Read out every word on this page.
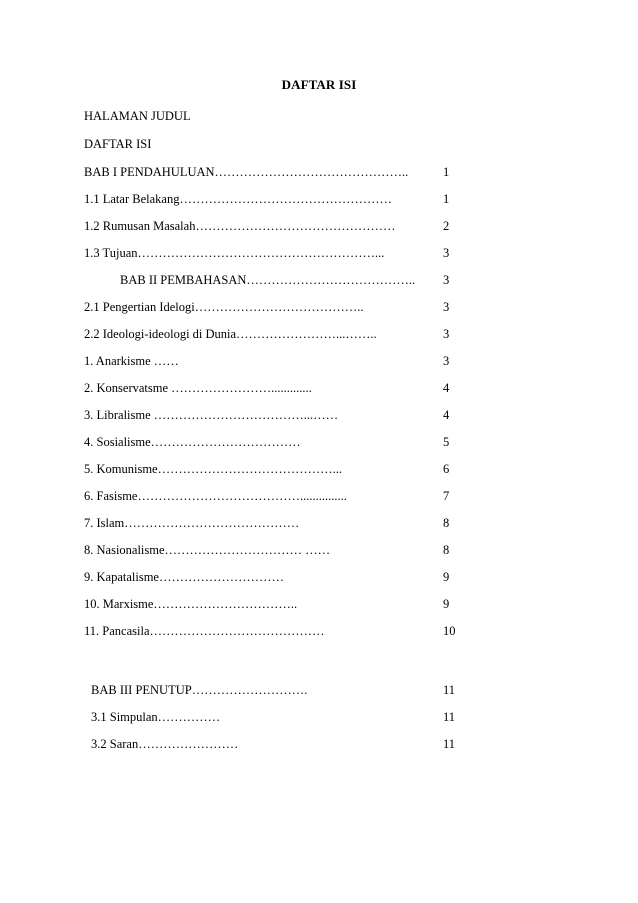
DAFTAR ISI
HALAMAN JUDUL
DAFTAR ISI
BAB I PENDAHULUAN………………………………………..	1
1.1 Latar Belakang……………………………………………	1
1.2 Rumusan Masalah…………………………………………	2
1.3 Tujuan…………………………………………………...	3
BAB II PEMBAHASAN………………………………….. 3
2.1 Pengertian Idelogi…………………………………..	3
2.2 Ideologi-ideologi di Dunia……………………...……..	3
1. Anarkisme ……	3
2. Konservatsme …………………….............	4
3. Libralisme ………………………………...……	4
4. Sosialisme………………………………	5
5. Komunisme……………………………………...	6
6. Fasisme…………………………………...............	7
7. Islam……………………………………	8
8. Nasionalisme…………………………… ……	8
9. Kapatalisme…………………………	9
10. Marxisme……………………………..	9
11. Pancasila……………………………………	10
BAB III PENUTUP……………………….	11
3.1 Simpulan……………	11
3.2 Saran……………………	11
